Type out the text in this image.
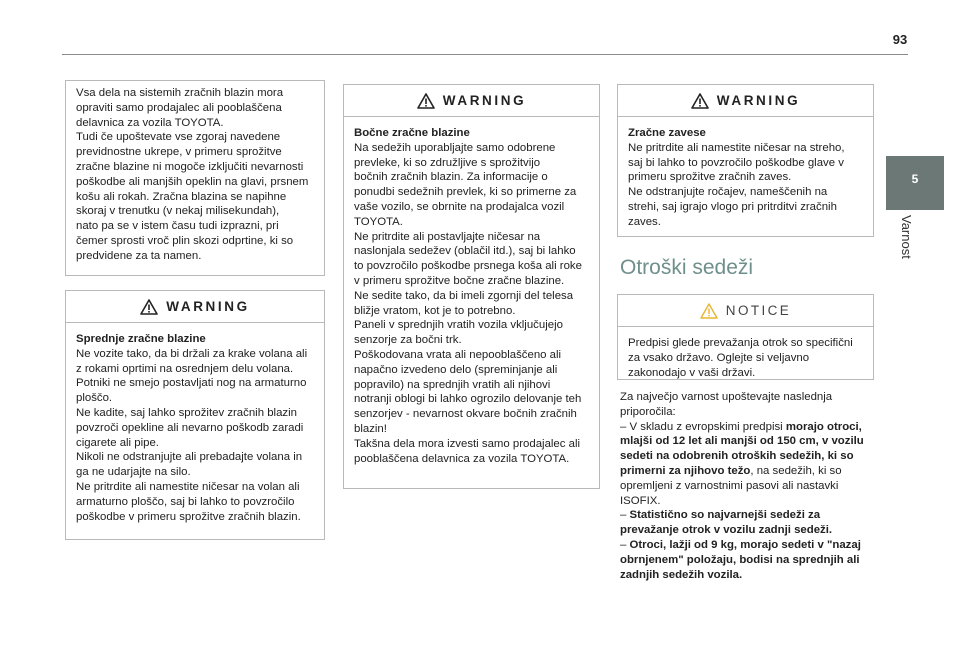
93
5
Varnost

Vsa dela na sistemih zračnih blazin mora

opraviti samo prodajalec ali pooblaščena

delavnica za vozila TOYOTA.

Tudi če upoštevate vse zgoraj navedene

previdnostne ukrepe, v primeru sprožitve

zračne blazine ni mogoče izključiti nevarnosti

poškodbe ali manjših opeklin na glavi, prsnem

košu ali rokah. Zračna blazina se napihne

skoraj v trenutku (v nekaj milisekundah),

nato pa se v istem času tudi izprazni, pri

čemer sprosti vroč plin skozi odprtine, ki so

predvidene za ta namen.

WARNING

Sprednje zračne blazine

Ne vozite tako, da bi držali za krake volana ali

z rokami oprtimi na osrednjem delu volana.

Potniki ne smejo postavljati nog na armaturno

ploščo.

Ne kadite, saj lahko sprožitev zračnih blazin

povzroči opekline ali nevarno poškodb zaradi

cigarete ali pipe.

Nikoli ne odstranjujte ali prebadajte volana in

ga ne udarjajte na silo.

Ne pritrdite ali namestite ničesar na volan ali

armaturno ploščo, saj bi lahko to povzročilo

poškodbe v primeru sprožitve zračnih blazin.

WARNING

Bočne zračne blazine

Na sedežih uporabljajte samo odobrene

prevleke, ki so združljive s sprožitvijo

bočnih zračnih blazin. Za informacije o

ponudbi sedežnih prevlek, ki so primerne za

vaše vozilo, se obrnite na prodajalca vozil

TOYOTA.

Ne pritrdite ali postavljajte ničesar na

naslonjala sedežev (oblačil itd.), saj bi lahko

to povzročilo poškodbe prsnega koša ali roke

v primeru sprožitve bočne zračne blazine.

Ne sedite tako, da bi imeli zgornji del telesa

bližje vratom, kot je to potrebno.

Paneli v sprednjih vratih vozila vključujejo

senzorje za bočni trk.

Poškodovana vrata ali nepooblaščeno ali

napačno izvedeno delo (spreminjanje ali

popravilo) na sprednjih vratih ali njihovi

notranji oblogi bi lahko ogrozilo delovanje teh

senzorjev - nevarnost okvare bočnih zračnih

blazin!

Takšna dela mora izvesti samo prodajalec ali

pooblaščena delavnica za vozila TOYOTA.

WARNING

Zračne zavese

Ne pritrdite ali namestite ničesar na streho,

saj bi lahko to povzročilo poškodbe glave v

primeru sprožitve zračnih zaves.

Ne odstranjujte ročajev, nameščenih na

strehi, saj igrajo vlogo pri pritrditvi zračnih

zaves.

Otroški sedeži
NOTICE

Predpisi glede prevažanja otrok so specifični

za vsako državo. Oglejte si veljavno

zakonodajo v vaši državi.

Za največjo varnost upoštevajte naslednja

priporočila:

– V skladu z evropskimi predpisi morajo otroci,

mlajši od 12 let ali manjši od 150 cm, v vozilu

sedeti na odobrenih otroških sedežih, ki so

primerni za njihovo težo, na sedežih, ki so

opremljeni z varnostnimi pasovi ali nastavki

ISOFIX.

– Statistično so najvarnejši sedeži za

prevažanje otrok v vozilu zadnji sedeži.

– Otroci, lažji od 9 kg, morajo sedeti v "nazaj

obrnjenem" položaju, bodisi na sprednjih ali

zadnjih sedežih vozila.
